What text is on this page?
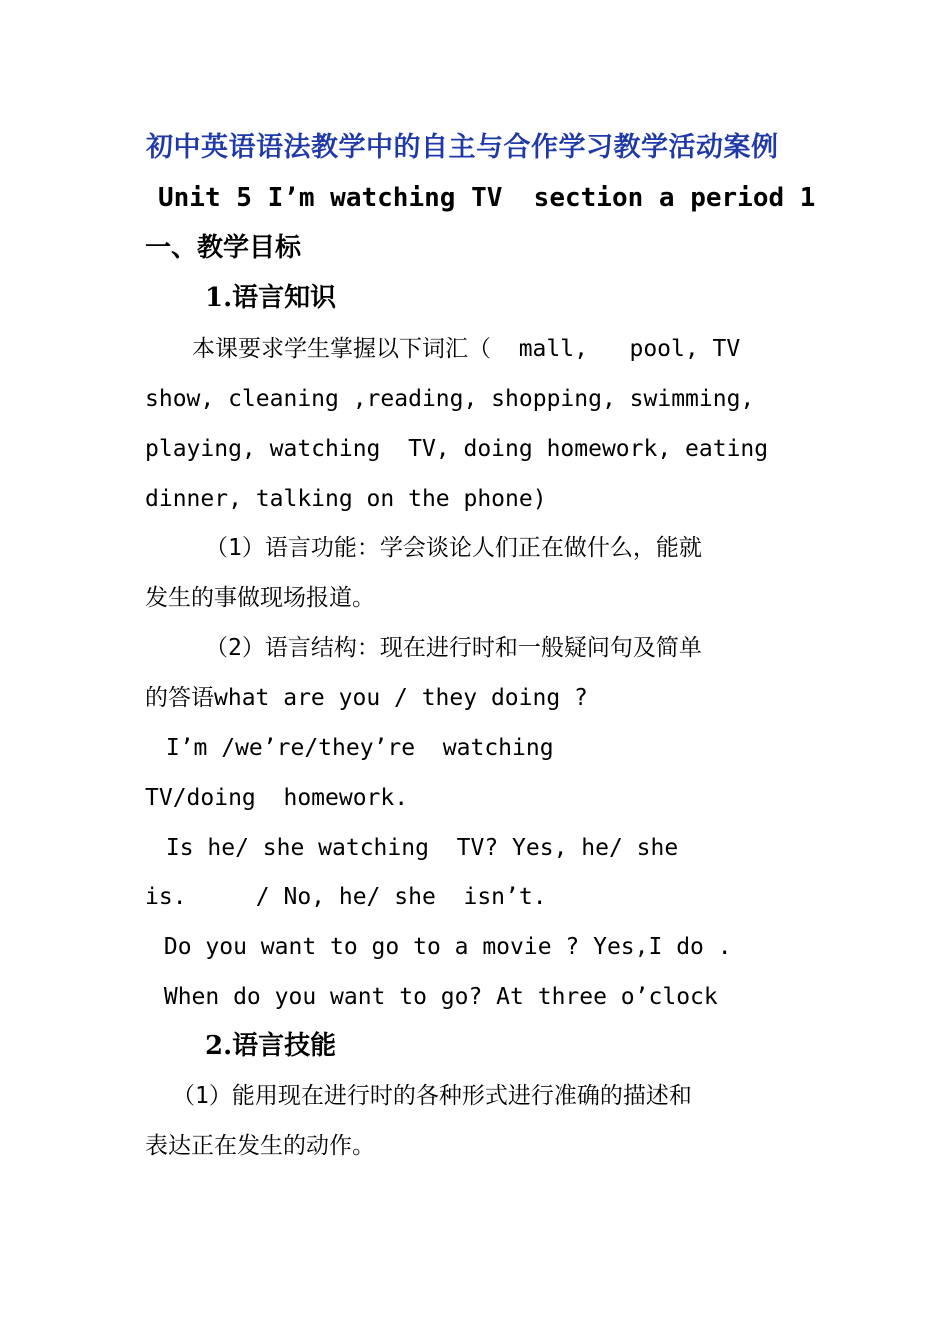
初中英语语法教学中的自主与合作学习教学活动案例
Unit 5 I’m watching TV  section a period 1
一、教学目标
1.语言知识
本课要求学生掌握以下词汇（  mall,   pool, TV
show, cleaning ,reading, shopping, swimming,
playing, watching  TV, doing homework, eating
dinner, talking on the phone)
（1）语言功能：学会谈论人们正在做什么，能就
发生的事做现场报道。
（2）语言结构：现在进行时和一般疑问句及简单
的答语what are you / they doing ?
I’m /we’re/they’re  watching
TV/doing  homework.
Is he/ she watching  TV? Yes, he/ she
is.     / No, he/ she  isn’t.
Do you want to go to a movie ? Yes,I do .
When do you want to go? At three o’clock
2.语言技能
（1）能用现在进行时的各种形式进行准确的描述和
表达正在发生的动作。
